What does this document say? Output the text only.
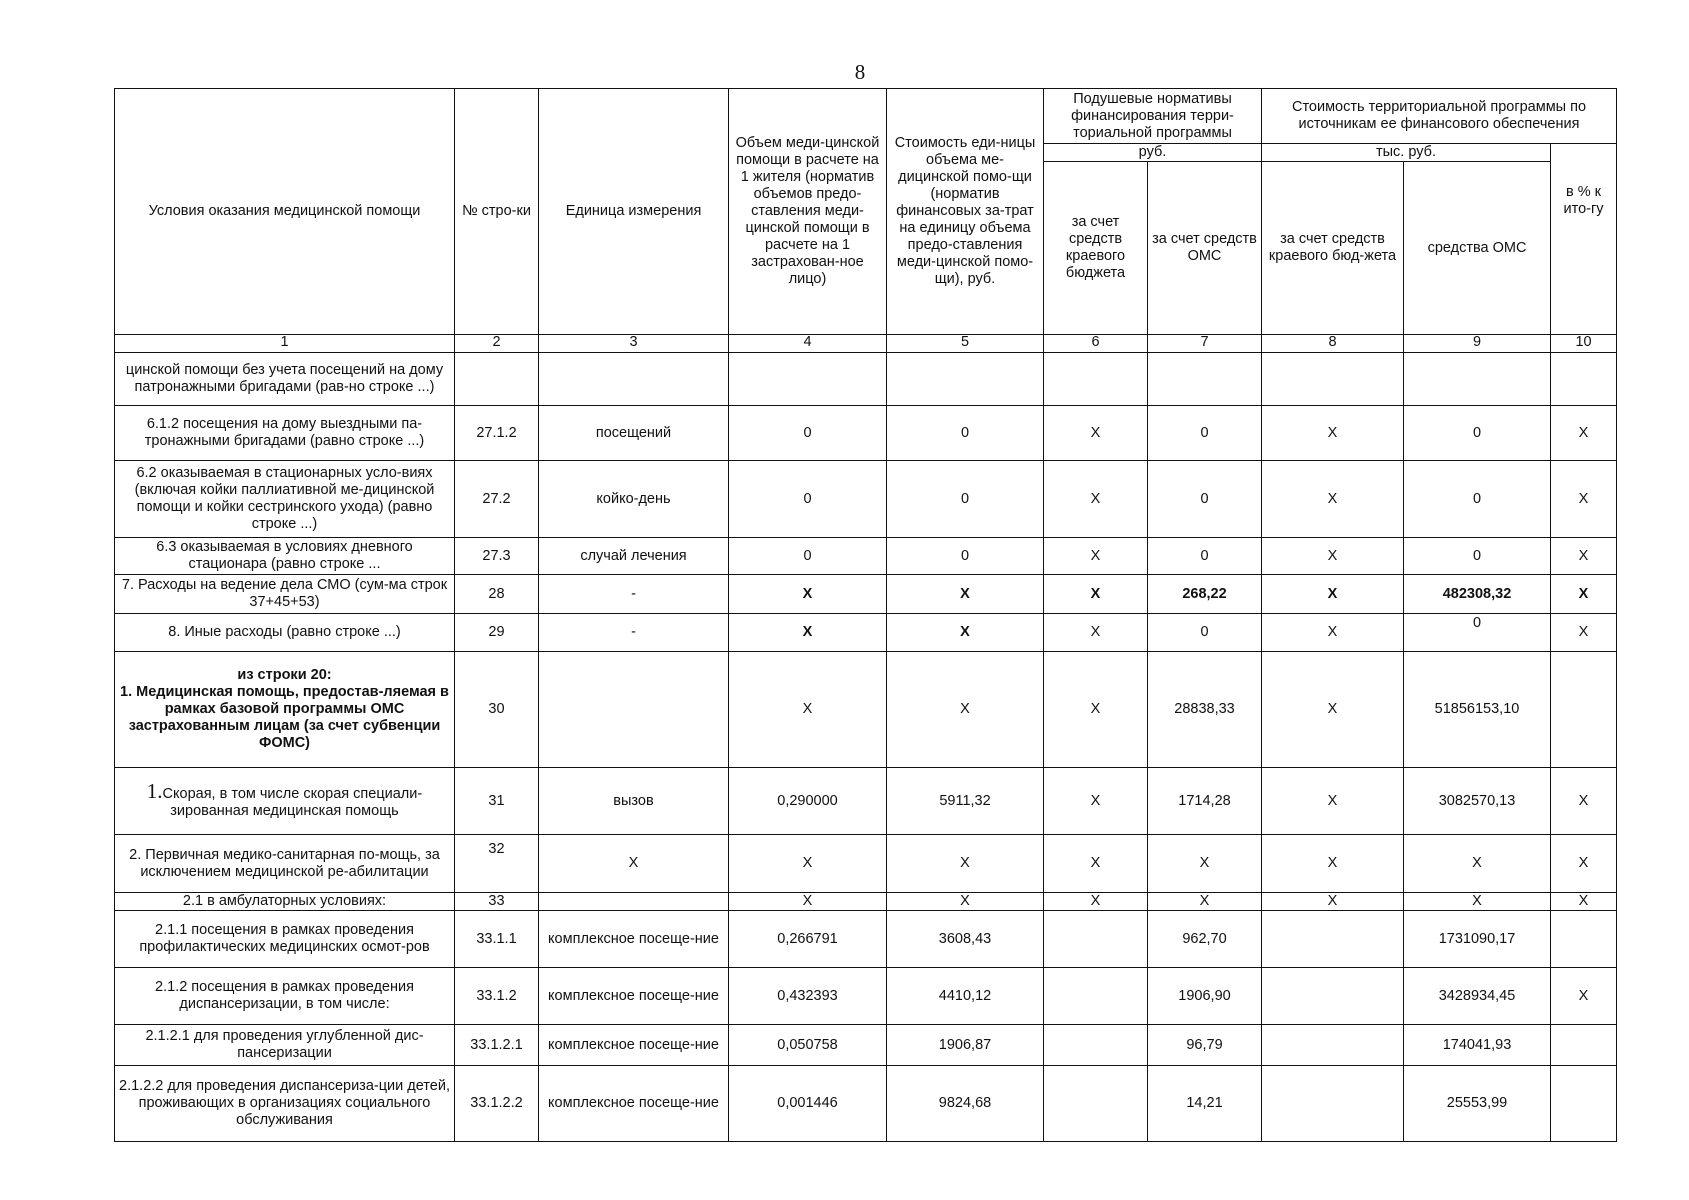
8
Условия оказания медицинской помощи	№ стро-ки	Единица измерения	Объем меди-цинской помощи в расчете на 1 жителя (норматив объемов предо-ставления меди-цинской помощи в расчете на 1 застрахован-ное лицо)	Стоимость еди-ницы объема ме-дицинской помо-щи (норматив финансовых за-трат на единицу объема предо-ставления меди-цинской помо-щи), руб.	Подушевые нормативы финансирования терри-ториальной программы		Стоимость территориальной программы по источникам ее финансового обеспечения		
					руб.		тыс. руб.		в % к ито-гу
					за счет средств краевого бюджета	за счет средств ОМС	за счет средств краевого бюд-жета	средства ОМС	
1	2	3	4	5	6	7	8	9	10
цинской помощи без учета посещений на дому патронажными бригадами (рав-но строке ...)									
6.1.2 посещения на дому выездными па-тронажными бригадами (равно строке ...)	27.1.2	посещений	0	0	Х	0	Х	0	Х
6.2 оказываемая в стационарных усло-виях (включая койки паллиативной ме-дицинской помощи и койки сестринского ухода) (равно строке ...)	27.2	койко-день	0	0	Х	0	Х	0	Х
6.3 оказываемая в условиях дневного стационара (равно строке ...	27.3	случай лечения	0	0	Х	0	Х	0	Х
7. Расходы на ведение дела СМО (сум-ма строк 37+45+53)	28	-	Х	Х	Х	268,22	Х	482308,32	Х
8. Иные расходы (равно строке ...)	29	-	Х	Х	Х	0	Х	0	Х
из строки 20:
1. Медицинская помощь, предостав-ляемая в рамках базовой программы ОМС застрахованным лицам (за счет субвенции ФОМС)	30		Х	Х	Х	28838,33	Х	51856153,10	
1.Скорая, в том числе скорая специали-зированная медицинская помощь	31	вызов	0,290000	5911,32	Х	1714,28	Х	3082570,13	Х
2. Первичная медико-санитарная по-мощь, за исключением медицинской ре-абилитации	32	Х	Х	Х	Х	Х	Х	Х	Х
2.1 в амбулаторных условиях:	33		Х	Х	Х	Х	Х	Х	Х
2.1.1 посещения в рамках проведения профилактических медицинских осмот-ров	33.1.1	комплексное посеще-ние	0,266791	3608,43		962,70		1731090,17	
2.1.2 посещения в рамках проведения диспансеризации, в том числе:	33.1.2	комплексное посеще-ние	0,432393	4410,12		1906,90		3428934,45	Х
2.1.2.1 для проведения углубленной дис-пансеризации	33.1.2.1	комплексное посеще-ние	0,050758	1906,87		96,79		174041,93	
2.1.2.2 для проведения диспансериза-ции детей, проживающих в организациях социального обслуживания	33.1.2.2	комплексное посеще-ние	0,001446	9824,68		14,21		25553,99	
